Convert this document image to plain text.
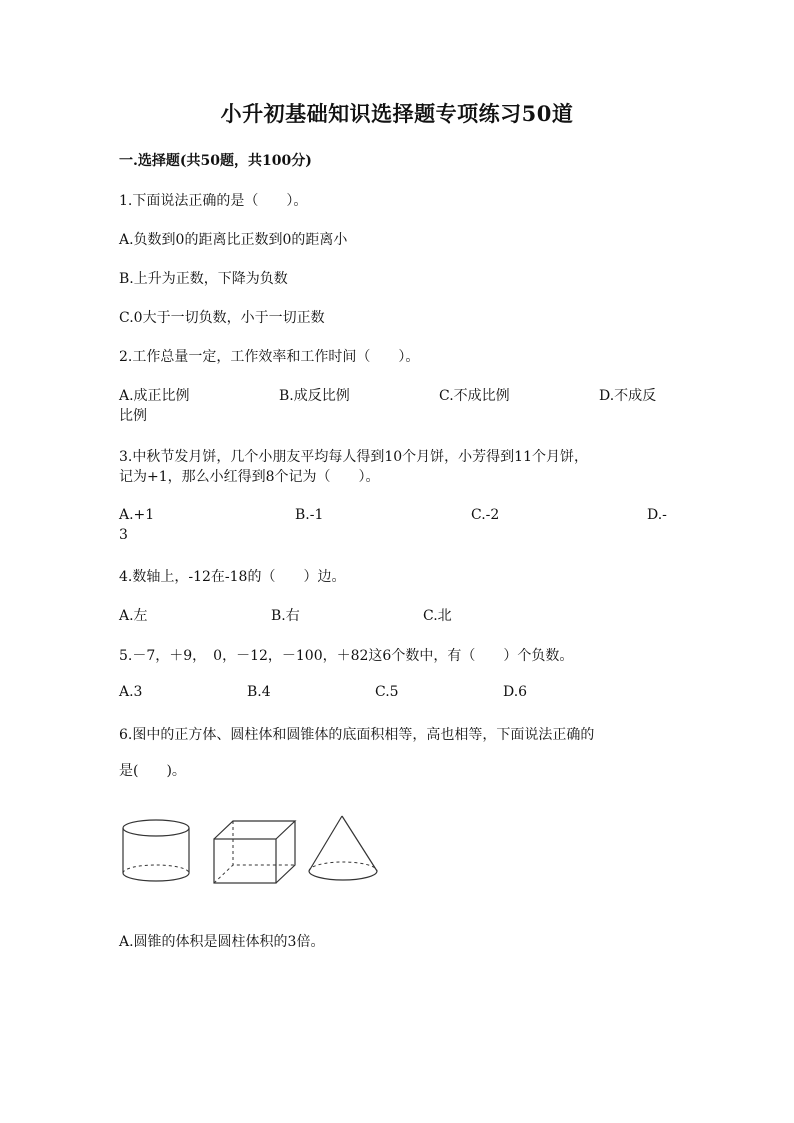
小升初基础知识选择题专项练习50道
一.选择题(共50题，共100分)
1.下面说法正确的是（　　）。
A.负数到0的距离比正数到0的距离小
B.上升为正数，下降为负数
C.0大于一切负数，小于一切正数
2.工作总量一定，工作效率和工作时间（　　）。
A.成正比例	B.成反比例	C.不成比例	D.不成反
比例
3.中秋节发月饼，几个小朋友平均每人得到10个月饼，小芳得到11个月饼，
记为+1，那么小红得到8个记为（　　）。
A.+1	B.-1	C.-2	D.-
3
4.数轴上，-12在-18的（　　）边。
A.左	B.右	C.北
5.－7，＋9，　0，－12，－100，＋82这6个数中，有（　　）个负数。
A.3	B.4	C.5	D.6
6.图中的正方体、圆柱体和圆锥体的底面积相等，高也相等，下面说法正确的
是(　　)。
A.圆锥的体积是圆柱体积的3倍。
